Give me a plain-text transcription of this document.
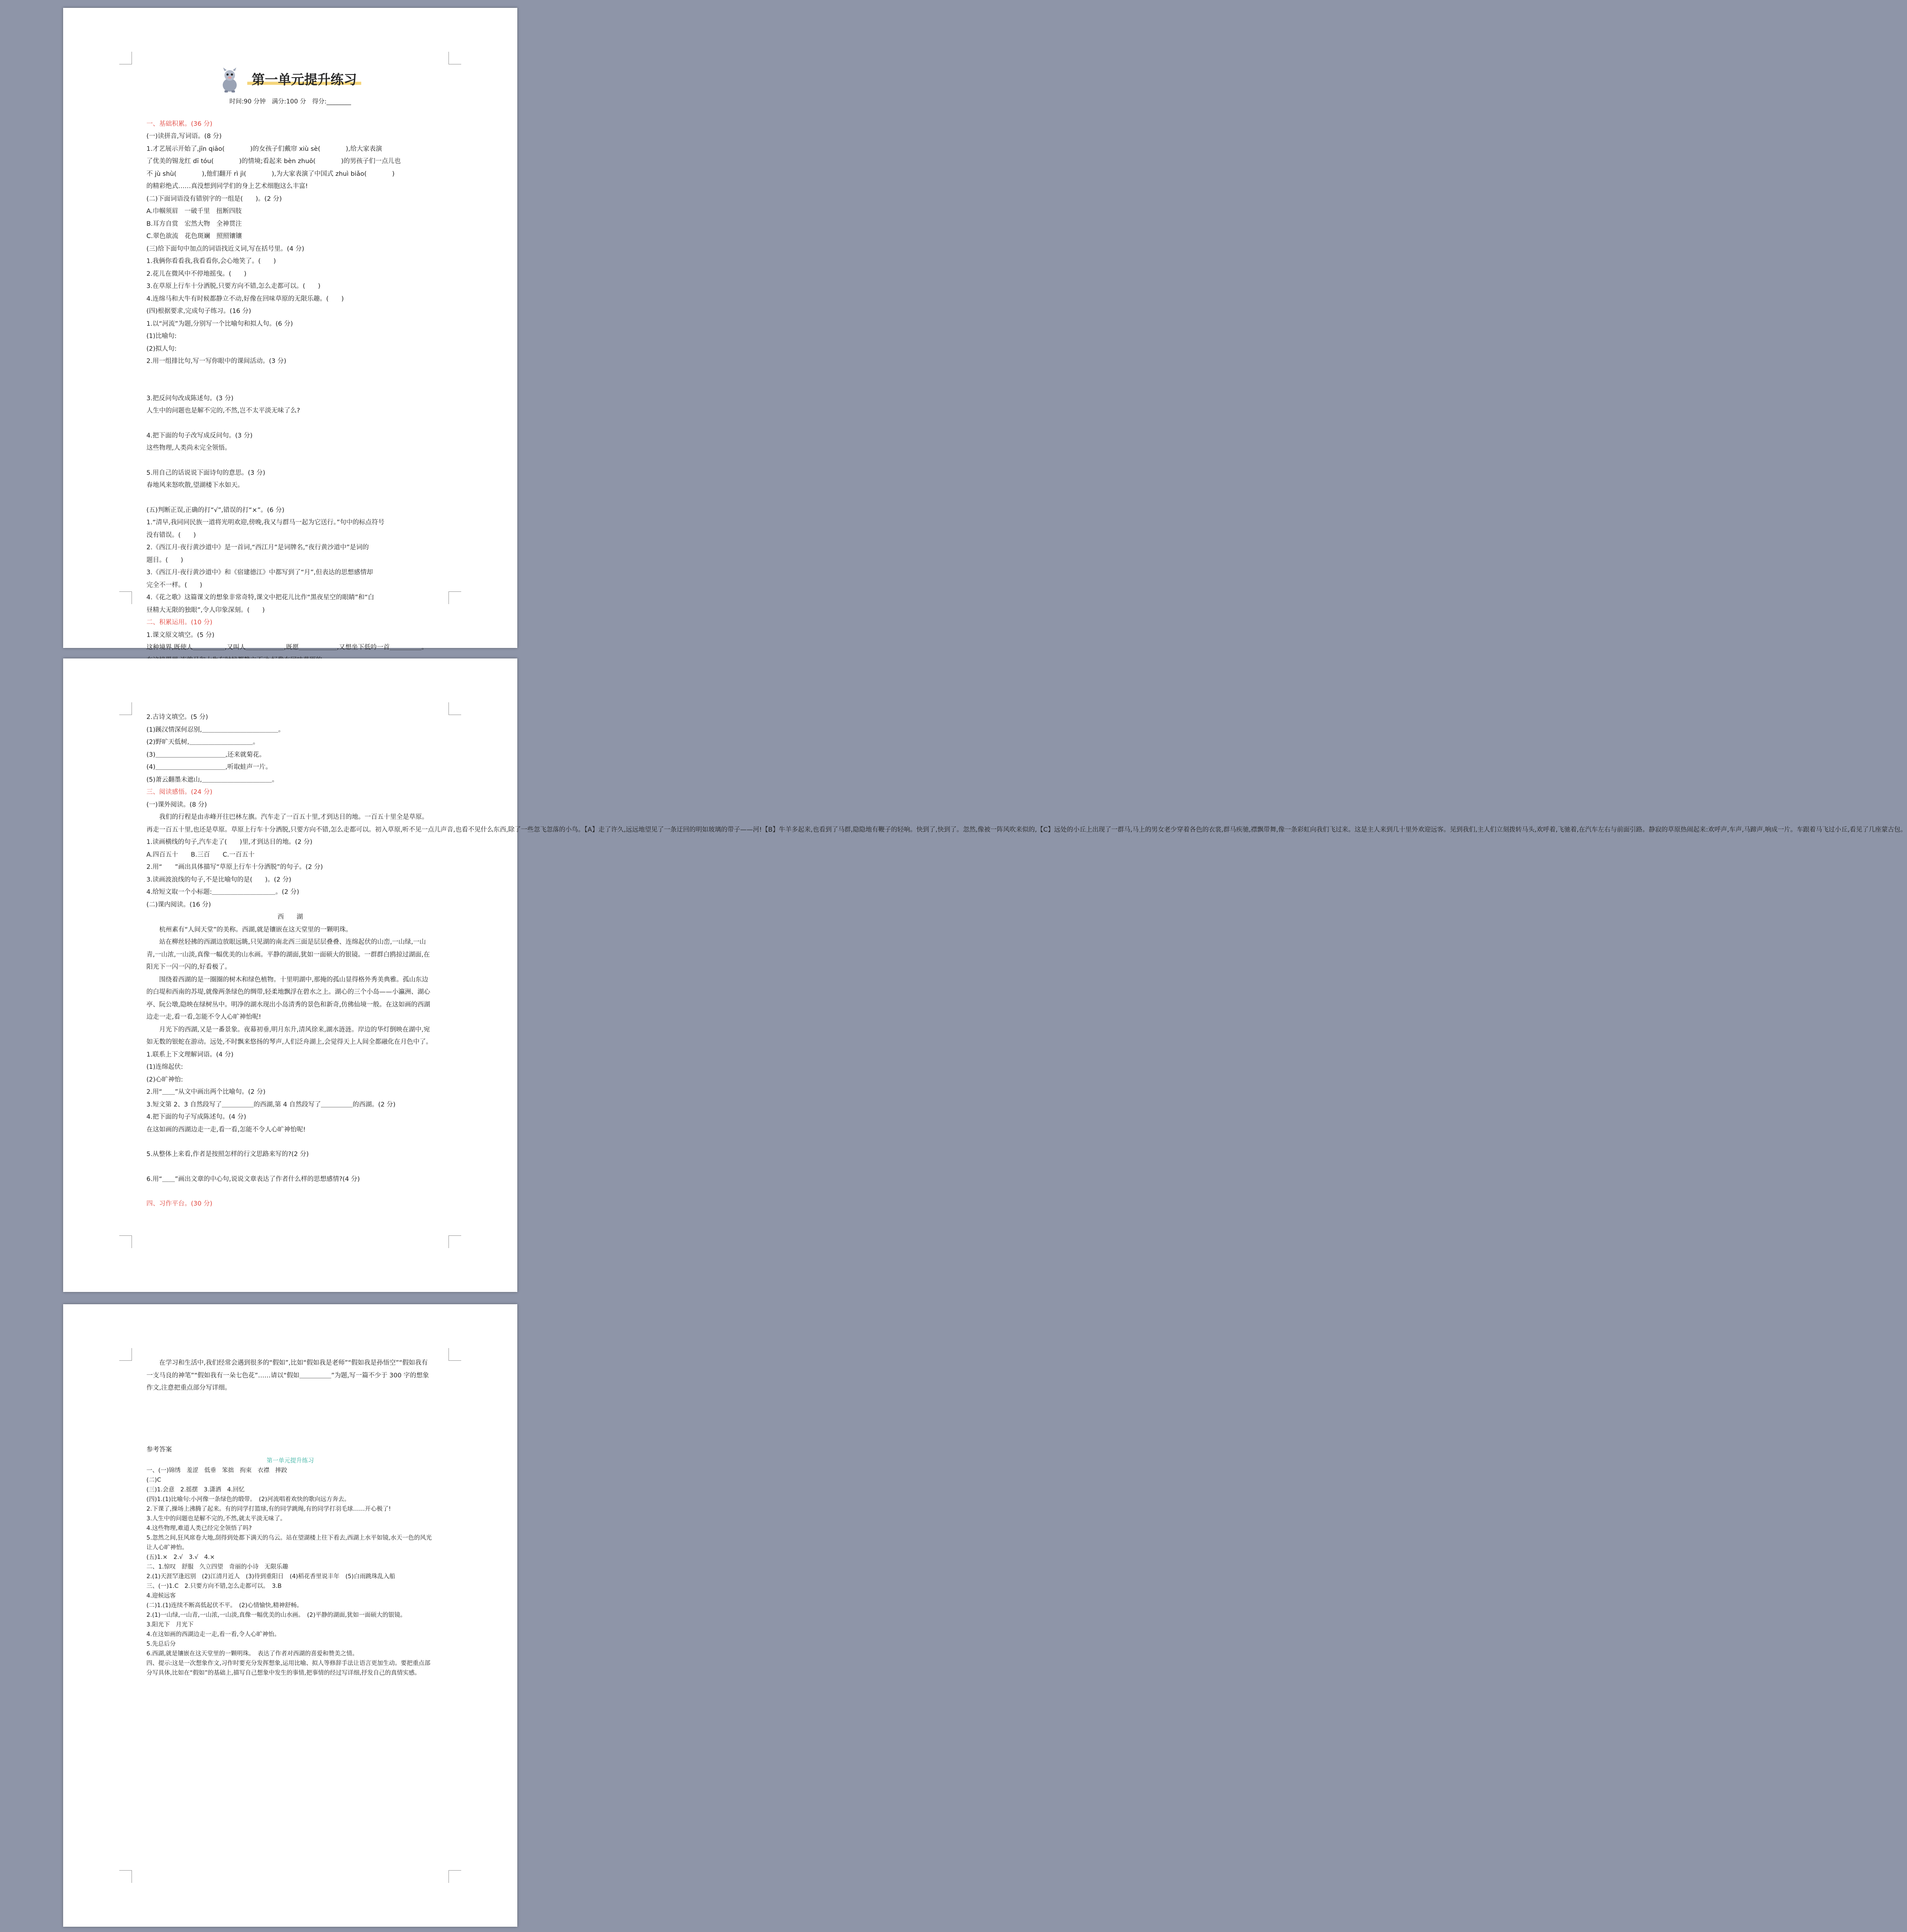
第一单元提升练习
时间:90 分钟　满分:100 分　得分:________
一、基础积累。(36 分)
(一)读拼音,写词语。(8 分)
1.才艺展示开始了,jīn qiāo(　　　　)的女孩子们戴帘 xiù sè(　　　　),给大家表演
了优美的锡龙红 dī tóu(　　　　)的情境;看起来 bèn zhuō(　　　　)的男孩子们一点儿也
不 jù shù(　　　　),他们翻开 rì jì(　　　　),为大家表演了中国式 zhuì biǎo(　　　　)
的精彩绝式……真没想到同学们的身上艺术细胞这么丰富!
(二)下面词语没有错别字的一组是(　　)。(2 分)
A.巾帼须眉　一破千里　扭断四肢
B.耳方自赏　宏然大物　全神贯注
C.翠色欲流　花色斑斓　照照镶镶
(三)给下面句中加点的词语找近义词,写在括号里。(4 分)
1.我俩你看看我,我看看你,会心地笑了。(　　)
2.花儿在微风中不停地摇曳。(　　)
3.在草原上行车十分洒脱,只要方向不错,怎么走都可以。(　　)
4.连绵马和大牛有时候都静立不动,好像在回味草原的无限乐趣。(　　)
(四)根据要求,完成句子练习。(16 分)
1.以“河流”为题,分别写一个比喻句和拟人句。(6 分)
(1)比喻句:
(2)拟人句:
2.用一组排比句,写一写你眼中的课间活动。(3 分)
3.把反问句改成陈述句。(3 分)
人生中的问题也是解不完的,不然,岂不太平淡无味了么?
4.把下面的句子改写成反问句。(3 分)
这些物理,人类尚未完全领悟。
5.用自己的话说说下面诗句的意思。(3 分)
春地风来怒吹散,望湖楼下水如天。
(五)判断正误,正确的打“√”,错误的打“×”。(6 分)
1.“清早,我同同民族一道将光明欢迎,傍晚,我又与群马一起为它送行。”句中的标点符号
没有错误。(　　)
2.《西江月·夜行黄沙道中》是一首词,“西江月”是词牌名,“夜行黄沙道中”是词的
题目。(　　)
3.《西江月·夜行黄沙道中》和《宿建德江》中都写到了“月”,但表达的思想感情却
完全不一样。(　　)
4.《花之歌》这篇课文的想象非常奇特,课文中把花儿比作“黑夜星空的眼睛”和“白
昼精大无限的独眼”,令人印象深刻。(　　)
二、积累运用。(10 分)
1.课文原文填空。(5 分)
这种境界,既使人＿＿＿＿＿,又叫人＿＿＿＿＿＿,既愿＿＿＿＿＿＿,又想坐下低吟一首＿＿＿＿＿。
2.古诗文填空。(5 分)
(1)蹊汉情深何忍别,＿＿＿＿＿＿＿＿＿＿＿＿。
(2)野旷天低树,＿＿＿＿＿＿＿＿＿＿。
(3)＿＿＿＿＿＿＿＿＿＿＿,还来就菊花。
(4)＿＿＿＿＿＿＿＿＿＿＿,听取蛙声一片。
(5)萧云翻墨未遮山,＿＿＿＿＿＿＿＿＿＿＿。
三、阅读感悟。(24 分)
(一)课外阅读。(8 分)
我们的行程是由赤峰开往巴林左旗。汽车走了一百五十里,才到达目的地。一百五十里全是草原。
再走一百五十里,也还是草原。草原上行车十分洒脱,只要方向不错,怎么走都可以。初入草原,听不见一点儿声音,也看不见什么东西,除了一些忽飞忽落的小鸟。【A】走了许久,远远地望见了一条迂回的明如玻璃的带子——河!【B】牛羊多起来,也看到了马群,隐隐地有鞭子的轻响。快到了,快到了。忽然,像被一阵风吹来似的,【C】远处的小丘上出现了一群马,马上的男女老少穿着各色的衣裳,群马疾驰,襟飘带舞,像一条彩虹向我们飞过来。这是主人来到几十里外欢迎远客。见到我们,主人们立刻拨转马头,欢呼着,飞驰着,在汽车左右与前面引路。静寂的草原热闹起来:欢呼声,车声,马蹄声,响成一片。车跟着马飞过小丘,看见了几座蒙古包。
1.读画横线的句子,汽车走了(　　)里,才到达目的地。(2 分)
A.四百五十　　B.三百　　C.一百五十
2.用“　　”画出具体描写“草原上行车十分洒脱”的句子。(2 分)
3.读画波浪线的句子,不是比喻句的是(　　)。(2 分)
4.给短文取一个小标题:＿＿＿＿＿＿＿＿＿＿。(2 分)
(二)课内阅读。(16 分)
西　　湖
杭州素有“人间天堂”的美称。西湖,就是镶嵌在这天堂里的一颗明珠。
站在柳丝轻拂的西湖边放眼远眺,只见湖的南北西三面是层层叠叠、连绵起伏的山峦,一山绿,一山青,一山浓,一山淡,真像一幅优美的山水画。平静的湖面,犹如一面硕大的银镜。一群群白鸥掠过湖面,在阳光下一闪一闪的,好看极了。
围绕着西湖的是一圈圈的树木和绿色植物。十里明湖中,那掩的孤山显得格外秀美典雅。孤山东边的白堤和西南的苏堤,就像两条绿色的绸带,轻柔地飘浮在碧水之上。湖心的三个小岛——小瀛洲、湖心亭、阮公墩,隐映在绿树丛中。明净的湖水现出小岛清秀的景色和新奇,仿佛仙境一般。在这如画的西湖边走一走,看一看,怎能不令人心旷神怡呢!
月光下的西湖,又是一番景象。夜幕初垂,明月东升,清风徐来,湖水涟涟。岸边的华灯倒映在湖中,宛如无数的银蛇在游动。远处,不时飘来悠扬的琴声,人们泛舟湖上,会觉得天上人间全都融化在月色中了。
1.联系上下文理解词语。(4 分)
(1)连绵起伏:
(2)心旷神怡:
2.用“＿＿”从文中画出两个比喻句。(2 分)
3.短文第 2、3 自然段写了＿＿＿＿＿的西湖,第 4 自然段写了＿＿＿＿＿的西湖。(2 分)
4.把下面的句子写成陈述句。(4 分)
在这如画的西湖边走一走,看一看,怎能不令人心旷神怡呢!
5.从整体上来看,作者是按照怎样的行文思路来写的?(2 分)
6.用“＿＿”画出文章的中心句,说说文章表达了作者什么样的思想感情?(4 分)
四、习作平台。(30 分)
在学习和生活中,我们经常会遇到很多的“假如”,比如“假如我是老师”“假如我是孙悟空”“假如我有一支马良的神笔”“假如我有一朵七色花”……请以“假如＿＿＿＿＿”为题,写一篇不少于 300 字的想象作文,注意把重点部分写详细。
参考答案
第一单元提升练习
一、(一)锦绣　羞涩　低垂　笨拙　拘束　衣襟　摔跤
(二)C
(三)1.会意　2.摇摆　3.潇洒　4.回忆
(四)1.(1)比喻句:小河像一条绿色的缎带。　(2)河流唱着欢快的歌向远方奔去。
2.下课了,操场上沸腾了起来。有的同学打篮球,有的同学跳绳,有的同学打羽毛球……开心极了!
3.人生中的问题也是解不完的,不然,就太平淡无味了。
4.这些物理,难道人类已经完全领悟了吗?
5.忽然之间,狂风席卷大地,刮得到处都下满天的乌云。站在望湖楼上往下看去,西湖上水平如镜,水天一色的风光让人心旷神怡。
(五)1.×　2.√　3.√　4.×
二、1.惊叹　舒服　久立四望　奇丽的小诗　无限乐趣
2.(1)天涯罕逢迟别　(2)江清月近人　(3)待到重阳日　(4)稻花香里说丰年　(5)白雨跳珠乱入船
三、(一)1.C　2.只要方向不错,怎么走都可以。　3.B
4.迎候远客
(二)1.(1)连续不断高低起伏不平。　(2)心情愉快,精神舒畅。
2.(1)一山绿,一山青,一山浓,一山淡,真像一幅优美的山水画。　(2)平静的湖面,犹如一面硕大的银镜。
3.阳光下　月光下
4.在这如画的西湖边走一走,看一看,令人心旷神怡。
5.先总后分
6.西湖,就是镶嵌在这天堂里的一颗明珠。　表达了作者对西湖的喜爱和赞美之情。
四、提示:这是一次想象作文,习作时要充分发挥想象,运用比喻、拟人等修辞手法让语言更加生动。要把重点部分写具体,比如在“假如”的基础上,描写自己想象中发生的事情,把事情的经过写详细,抒发自己的真情实感。
